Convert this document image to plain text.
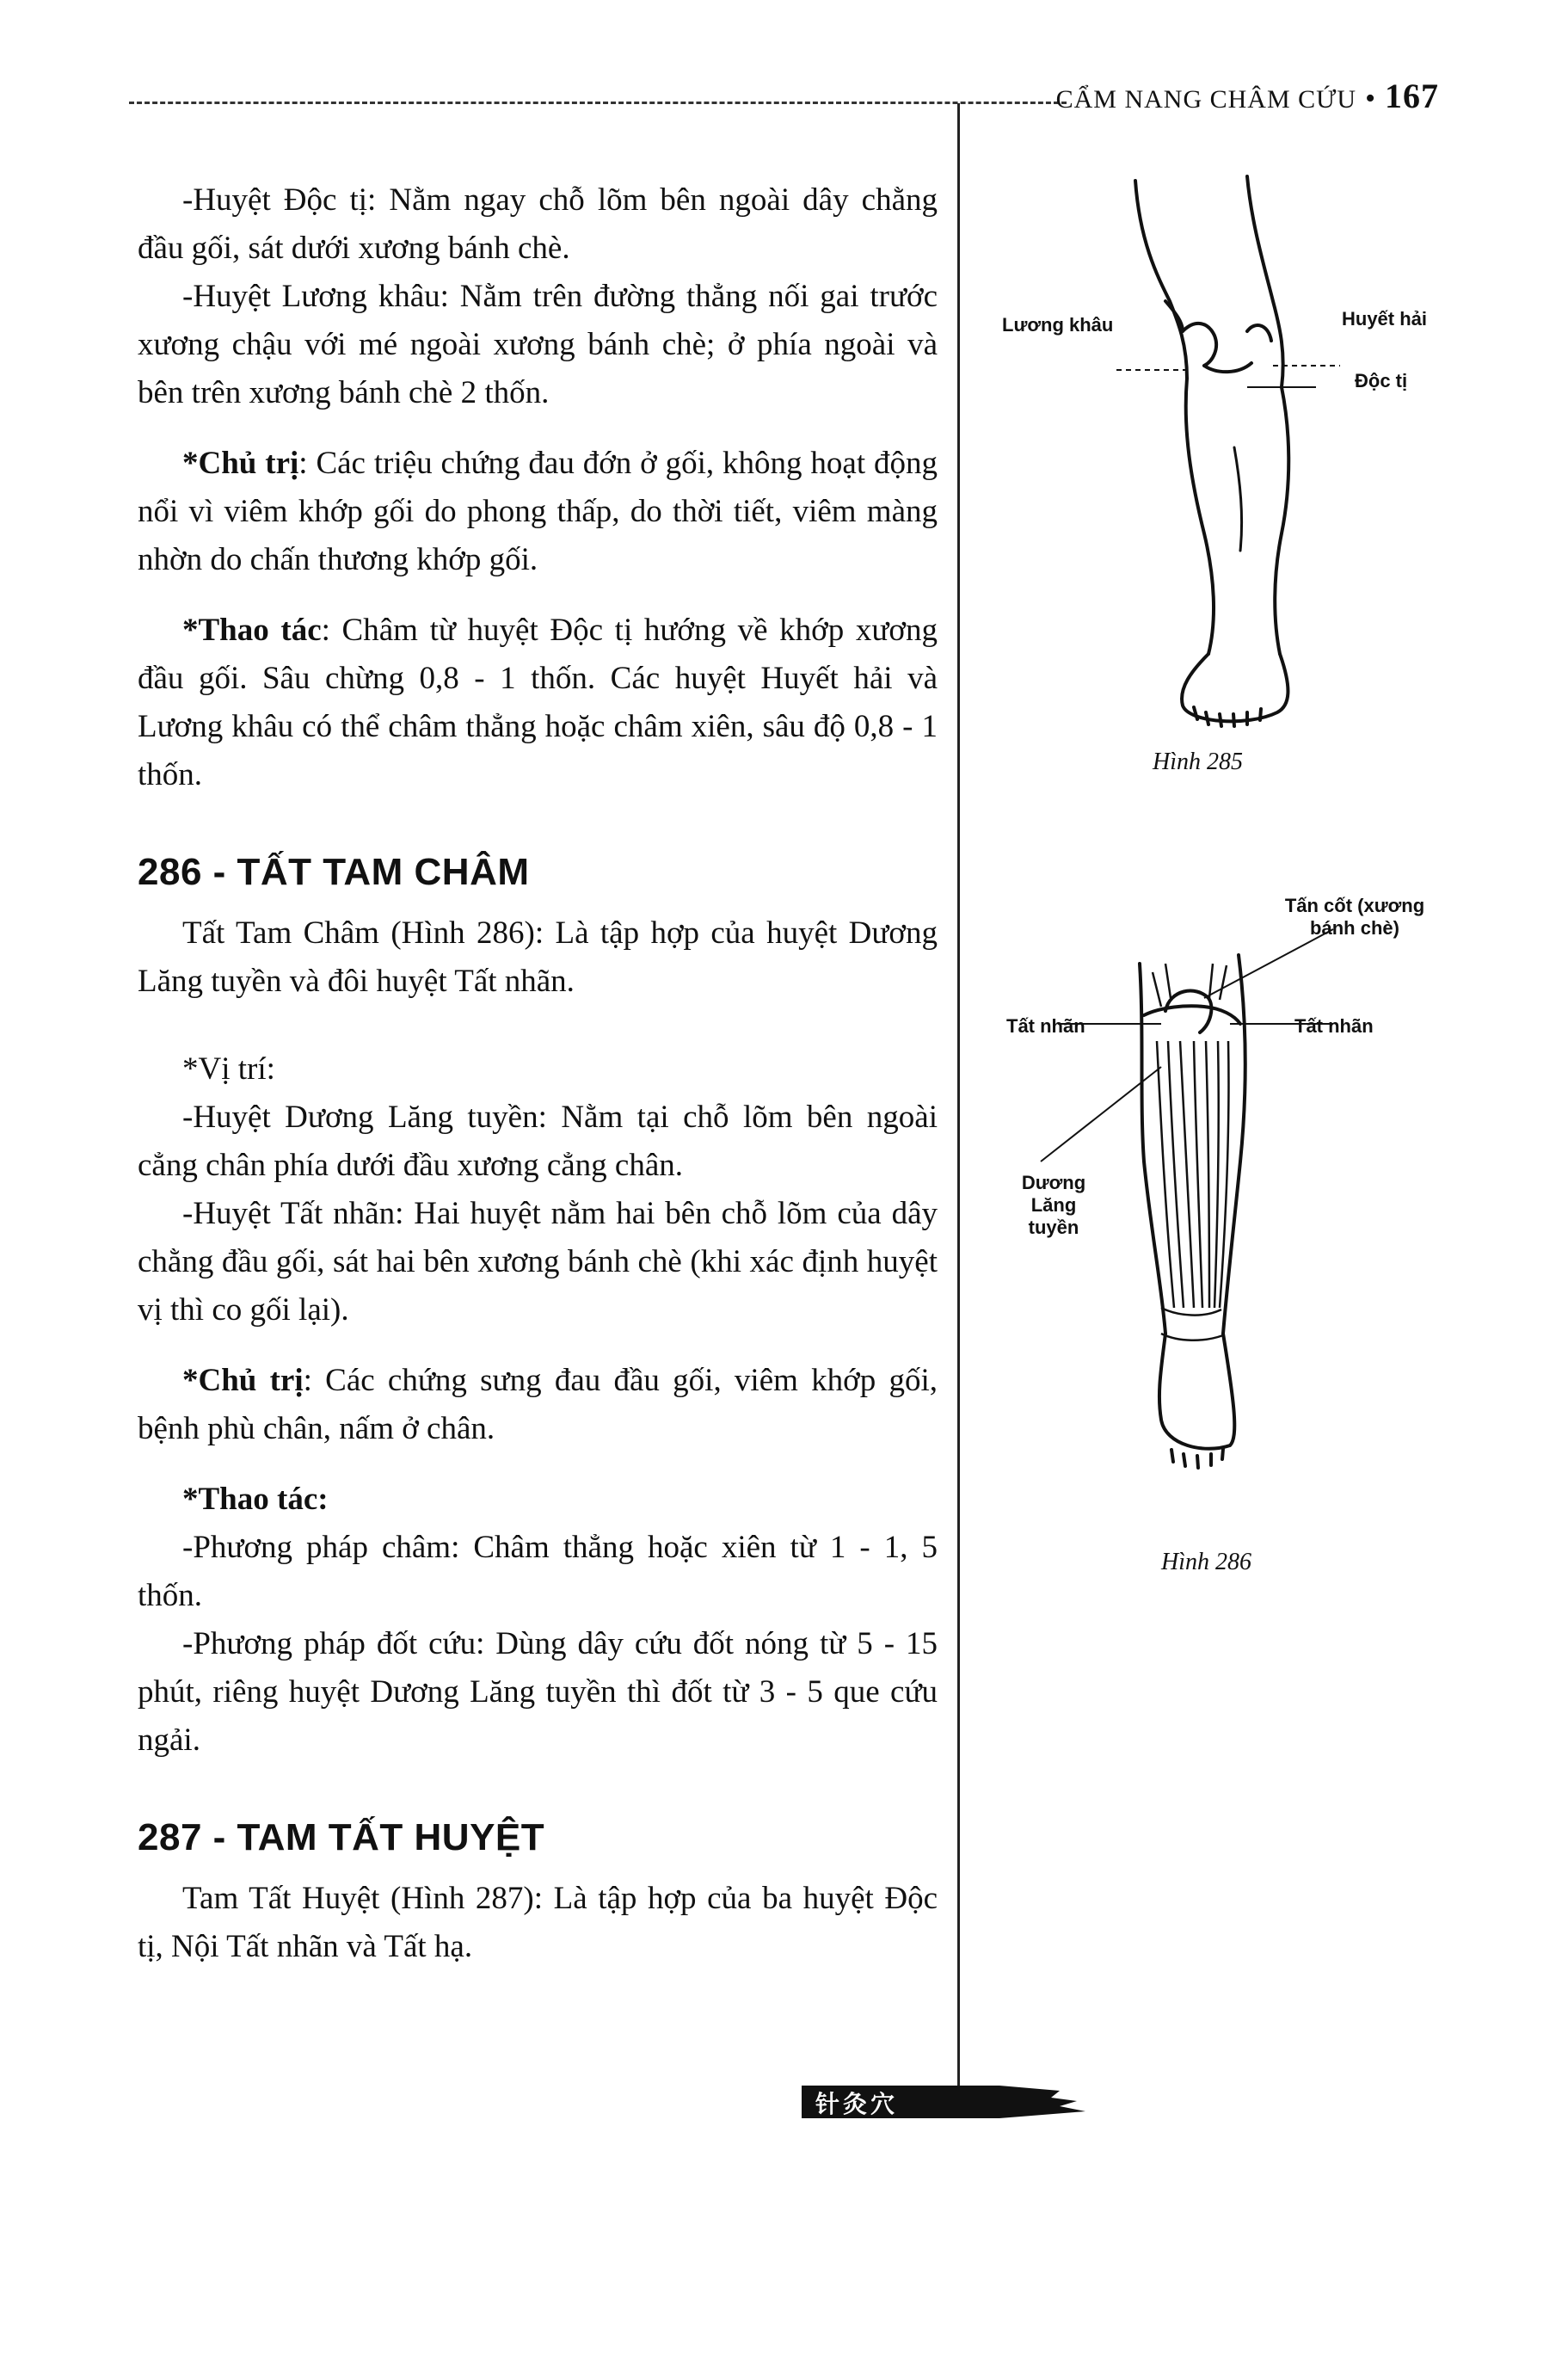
CẨM NANG CHÂM CỨU • 167

-Huyệt Độc tị: Nằm ngay chỗ lõm bên ngoài dây chằng đầu gối, sát dưới xương bánh chè.

-Huyệt Lương khâu: Nằm trên đường thẳng nối gai trước xương chậu với mé ngoài xương bánh chè; ở phía ngoài và bên trên xương bánh chè 2 thốn.

*Chủ trị: Các triệu chứng đau đớn ở gối, không hoạt động nổi vì viêm khớp gối do phong thấp, do thời tiết, viêm màng nhờn do chấn thương khớp gối.

*Thao tác: Châm từ huyệt Độc tị hướng về khớp xương đầu gối. Sâu chừng 0,8 - 1 thốn. Các huyệt Huyết hải và Lương khâu có thể châm thẳng hoặc châm xiên, sâu độ 0,8 - 1 thốn.

286 - TẤT TAM CHÂM

Tất Tam Châm (Hình 286): Là tập hợp của huyệt Dương Lăng tuyền và đôi huyệt Tất nhãn.

*Vị trí:

-Huyệt Dương Lăng tuyền: Nằm tại chỗ lõm bên ngoài cẳng chân phía dưới đầu xương cẳng chân.

-Huyệt Tất nhãn: Hai huyệt nằm hai bên chỗ lõm của dây chằng đầu gối, sát hai bên xương bánh chè (khi xác định huyệt vị thì co gối lại).

*Chủ trị: Các chứng sưng đau đầu gối, viêm khớp gối, bệnh phù chân, nấm ở chân.

*Thao tác:

-Phương pháp châm: Châm thẳng hoặc xiên từ 1 - 1, 5 thốn.

-Phương pháp đốt cứu: Dùng dây cứu đốt nóng từ 5 - 15 phút, riêng huyệt Dương Lăng tuyền thì đốt từ 3 - 5 que cứu ngải.

287 - TAM TẤT HUYỆT

Tam Tất Huyệt (Hình 287): Là tập hợp của ba huyệt Độc tị, Nội Tất nhãn và Tất hạ.

Lương khâu	Huyết hải
Độc tị
Hình 285
Tấn cốt (xương bánh chè)
Tất nhãn	Tất nhãn
Dương Lăng tuyền
Hình 286
针灸穴
